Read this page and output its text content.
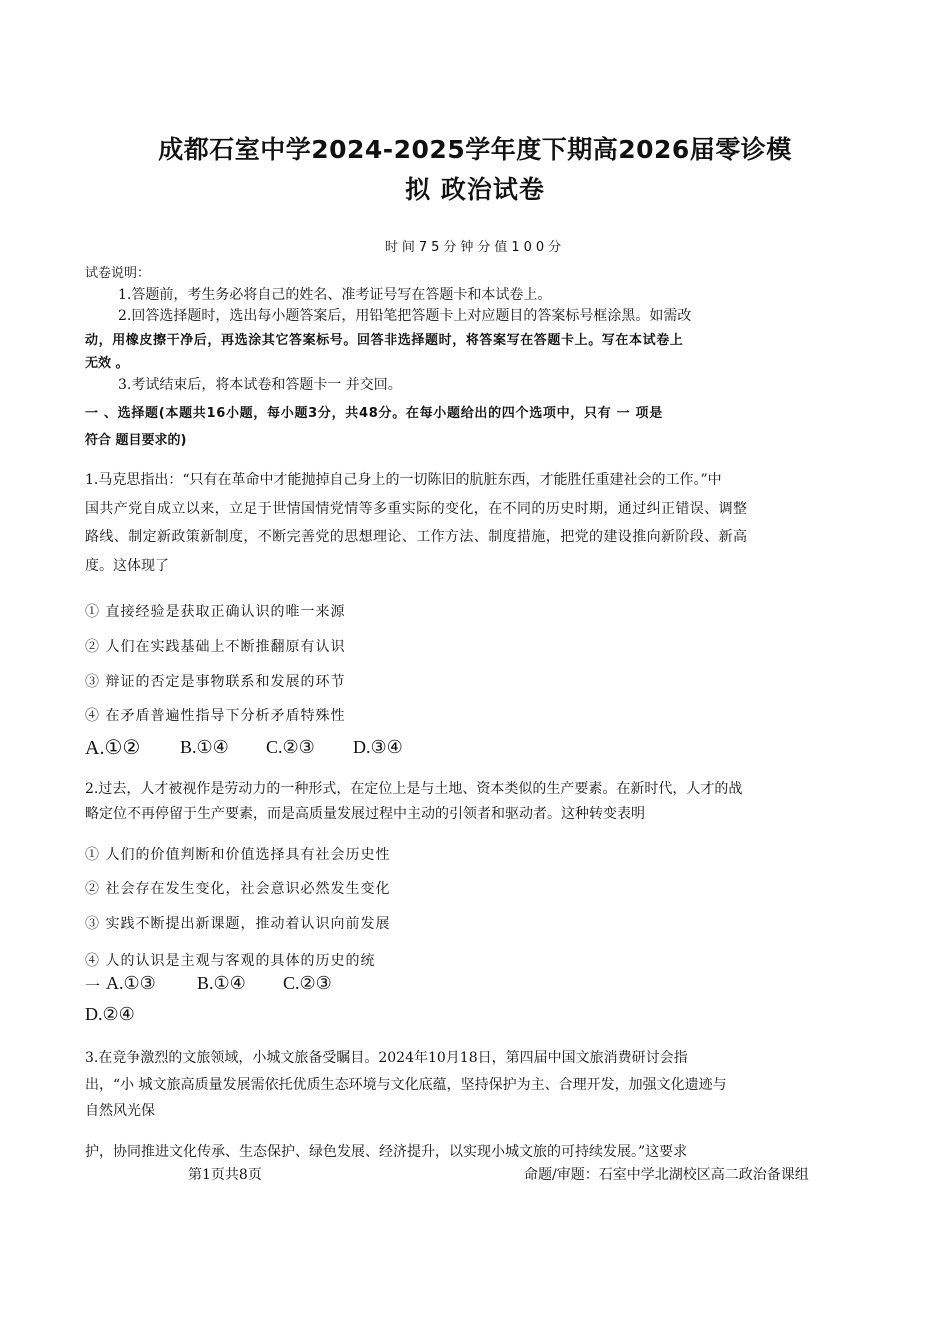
成都石室中学2024-2025学年度下期高2026届零诊模
拟 政治试卷
时间75分钟分值100分
试卷说明：
1.答题前，考生务必将自己的姓名、准考证号写在答题卡和本试卷上。
2.回答选择题时，选出每小题答案后，用铅笔把答题卡上对应题目的答案标号框涂黑。如需改
动，用橡皮擦干净后，再选涂其它答案标号。回答非选择题时，将答案写在答题卡上。写在本试卷上
无效 。
3.考试结束后，将本试卷和答题卡一 并交回。
一 、选择题(本题共16小题，每小题3分，共48分。在每小题给出的四个选项中，只有 一 项是
符合 题目要求的)
1.马克思指出：“只有在革命中才能抛掉自己身上的一切陈旧的肮脏东西，才能胜任重建社会的工作。”中
国共产党自成立以来，立足于世情国情党情等多重实际的变化，在不同的历史时期，通过纠正错误、调整
路线、制定新政策新制度，不断完善党的思想理论、工作方法、制度措施，把党的建设推向新阶段、新高
度。这体现了
① 直接经验是获取正确认识的唯一来源
② 人们在实践基础上不断推翻原有认识
③ 辩证的否定是事物联系和发展的环节
④ 在矛盾普遍性指导下分析矛盾特殊性
A.①② B.①④ C.②③ D.③④
2.过去，人才被视作是劳动力的一种形式，在定位上是与土地、资本类似的生产要素。在新时代，人才的战
略定位不再停留于生产要素，而是高质量发展过程中主动的引领者和驱动者。这种转变表明
① 人们的价值判断和价值选择具有社会历史性
② 社会存在发生变化，社会意识必然发生变化
③ 实践不断提出新课题，推动着认识向前发展
④ 人的认识是主观与客观的具体的历史的统
一 A.①③ B.①④ C.②③
D.②④
3.在竞争激烈的文旅领域，小城文旅备受瞩目。2024年10月18日，第四届中国文旅消费研讨会指
出，“小 城文旅高质量发展需依托优质生态环境与文化底蕴，坚持保护为主、合理开发，加强文化遗迹与
自然风光保
护，协同推进文化传承、生态保护、绿色发展、经济提升，以实现小城文旅的可持续发展。”这要求
第1页共8页	命题/审题：石室中学北湖校区高二政治备课组
